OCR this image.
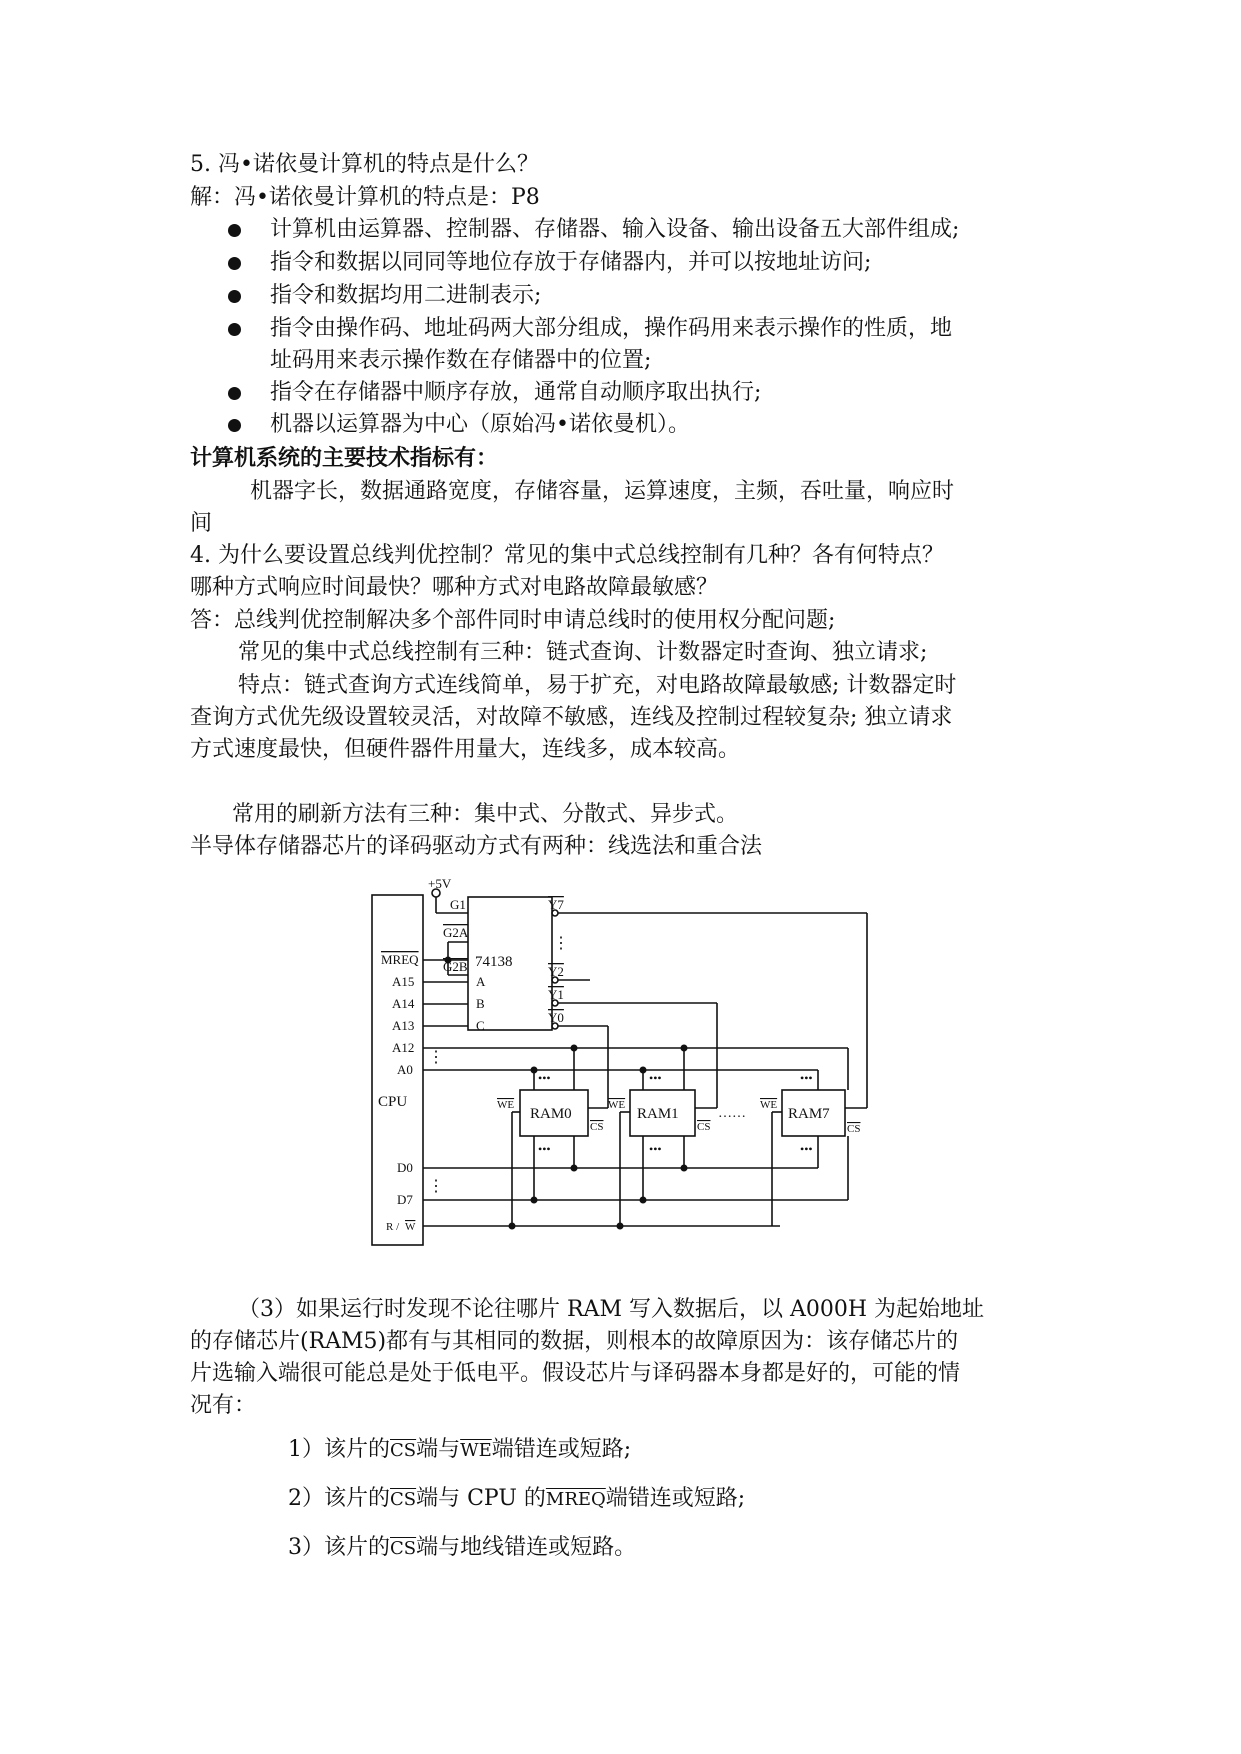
5. 冯•诺依曼计算机的特点是什么？
解：冯•诺依曼计算机的特点是：P8
计算机由运算器、控制器、存储器、输入设备、输出设备五大部件组成;
指令和数据以同同等地位存放于存储器内，并可以按地址访问;
指令和数据均用二进制表示;
指令由操作码、地址码两大部分组成，操作码用来表示操作的性质，地
址码用来表示操作数在存储器中的位置;
指令在存储器中顺序存放，通常自动顺序取出执行;
机器以运算器为中心（原始冯•诺依曼机）。
计算机系统的主要技术指标有：
机器字长，数据通路宽度，存储容量，运算速度，主频，吞吐量，响应时
间
4. 为什么要设置总线判优控制？常见的集中式总线控制有几种？各有何特点？
哪种方式响应时间最快？哪种方式对电路故障最敏感？
答：总线判优控制解决多个部件同时申请总线时的使用权分配问题;
常见的集中式总线控制有三种：链式查询、计数器定时查询、独立请求;
特点：链式查询方式连线简单，易于扩充，对电路故障最敏感; 计数器定时
查询方式优先级设置较灵活，对故障不敏感，连线及控制过程较复杂; 独立请求
方式速度最快，但硬件器件用量大，连线多，成本较高。
常用的刷新方法有三种：集中式、分散式、异步式。
半导体存储器芯片的译码驱动方式有两种：线选法和重合法
+5V
G1
G2A
G2B 74138
A
B
C
Y7
⋮
Y2
Y1
Y0
MREQ
A15
A14
A13
A12
⋮
A0
CPU
D0
⋮
D7
R / W
RAM0	RAM1	RAM7
WE	WE	WE
CS	CS	CS
•••	•••	•••
•••	•••	•••
……
（3）如果运行时发现不论往哪片 RAM 写入数据后，以 A000H 为起始地址
的存储芯片(RAM5)都有与其相同的数据，则根本的故障原因为：该存储芯片的
片选输入端很可能总是处于低电平。假设芯片与译码器本身都是好的，可能的情
况有：
1）该片的$\overline{CS}$端与$\overline{WE}$端错连或短路;
2）该片的$\overline{CS}$端与 CPU 的MREQ端错连或短路;
3）该片的$\overline{CS}$端与地线错连或短路。
